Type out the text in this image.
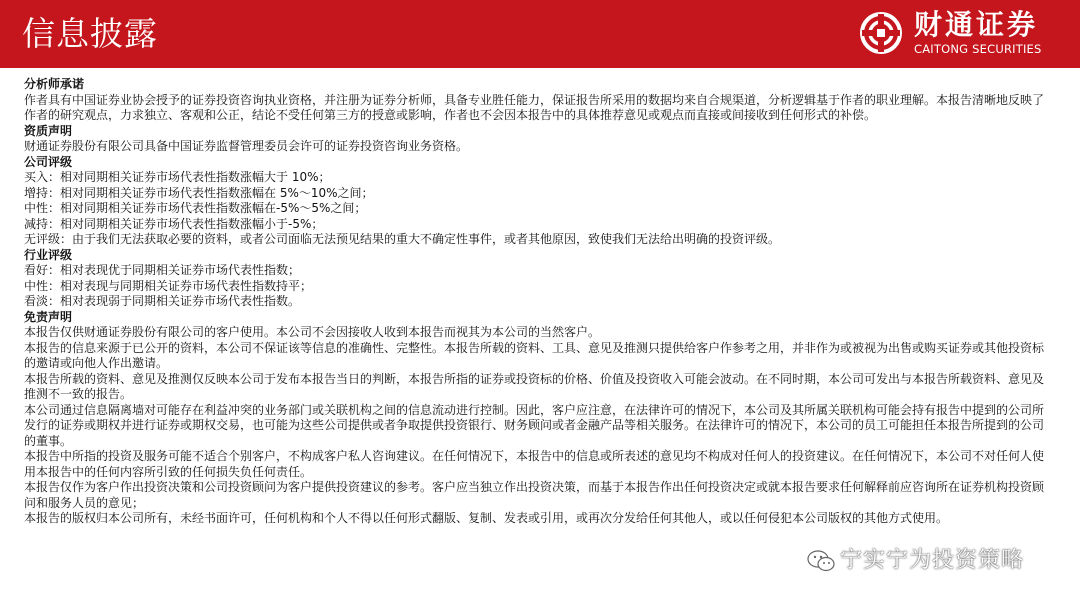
信息披露	财通证券
CAITONG SECURITIES

分析师承诺

作者具有中国证券业协会授予的证券投资咨询执业资格，并注册为证券分析师，具备专业胜任能力，保证报告所采用的数据均来自合规渠道，分析逻辑基于作者的职业理解。本报告清晰地反映了作者的研究观点，力求独立、客观和公正，结论不受任何第三方的授意或影响，作者也不会因本报告中的具体推荐意见或观点而直接或间接收到任何形式的补偿。

资质声明

财通证券股份有限公司具备中国证券监督管理委员会许可的证券投资咨询业务资格。

公司评级

买入：相对同期相关证券市场代表性指数涨幅大于 10%；

增持：相对同期相关证券市场代表性指数涨幅在 5%～10%之间；

中性：相对同期相关证券市场代表性指数涨幅在-5%～5%之间；

减持：相对同期相关证券市场代表性指数涨幅小于-5%；

无评级：由于我们无法获取必要的资料，或者公司面临无法预见结果的重大不确定性事件，或者其他原因，致使我们无法给出明确的投资评级。

行业评级

看好：相对表现优于同期相关证券市场代表性指数；

中性：相对表现与同期相关证券市场代表性指数持平；

看淡：相对表现弱于同期相关证券市场代表性指数。

免责声明

本报告仅供财通证券股份有限公司的客户使用。本公司不会因接收人收到本报告而视其为本公司的当然客户。

本报告的信息来源于已公开的资料，本公司不保证该等信息的准确性、完整性。本报告所载的资料、工具、意见及推测只提供给客户作参考之用，并非作为或被视为出售或购买证券或其他投资标的邀请或向他人作出邀请。

本报告所载的资料、意见及推测仅反映本公司于发布本报告当日的判断，本报告所指的证券或投资标的价格、价值及投资收入可能会波动。在不同时期，本公司可发出与本报告所载资料、意见及推测不一致的报告。

本公司通过信息隔离墙对可能存在利益冲突的业务部门或关联机构之间的信息流动进行控制。因此，客户应注意，在法律许可的情况下，本公司及其所属关联机构可能会持有报告中提到的公司所发行的证券或期权并进行证券或期权交易，也可能为这些公司提供或者争取提供投资银行、财务顾问或者金融产品等相关服务。在法律许可的情况下，本公司的员工可能担任本报告所提到的公司的董事。

本报告中所指的投资及服务可能不适合个别客户，不构成客户私人咨询建议。在任何情况下，本报告中的信息或所表述的意见均不构成对任何人的投资建议。在任何情况下，本公司不对任何人使用本报告中的任何内容所引致的任何损失负任何责任。

本报告仅作为客户作出投资决策和公司投资顾问为客户提供投资建议的参考。客户应当独立作出投资决策，而基于本报告作出任何投资决定或就本报告要求任何解释前应咨询所在证券机构投资顾问和服务人员的意见；

本报告的版权归本公司所有，未经书面许可，任何机构和个人不得以任何形式翻版、复制、发表或引用，或再次分发给任何其他人，或以任何侵犯本公司版权的其他方式使用。

宁实宁为投资策略
